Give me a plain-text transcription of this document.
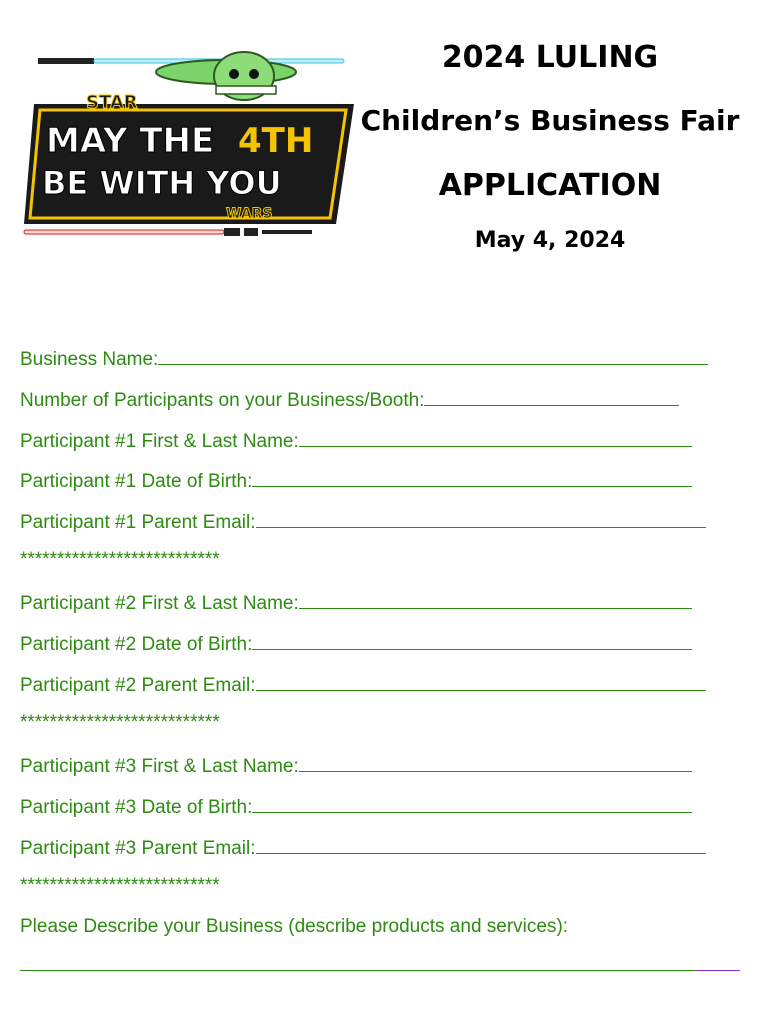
STAR
MAY THE 4TH
BE WITH YOU
WARS
2024 LULING
Children’s Business Fair
APPLICATION
May 4, 2024
Business Name:
Number of Participants on your Business/Booth:
Participant #1 First & Last Name:
Participant #1 Date of Birth:
Participant #1 Parent Email:
***************************
Participant #2 First & Last Name:
Participant #2 Date of Birth:
Participant #2 Parent Email:
***************************
Participant #3 First & Last Name:
Participant #3 Date of Birth:
Participant #3 Parent Email:
***************************
Please Describe your Business (describe products and services):
